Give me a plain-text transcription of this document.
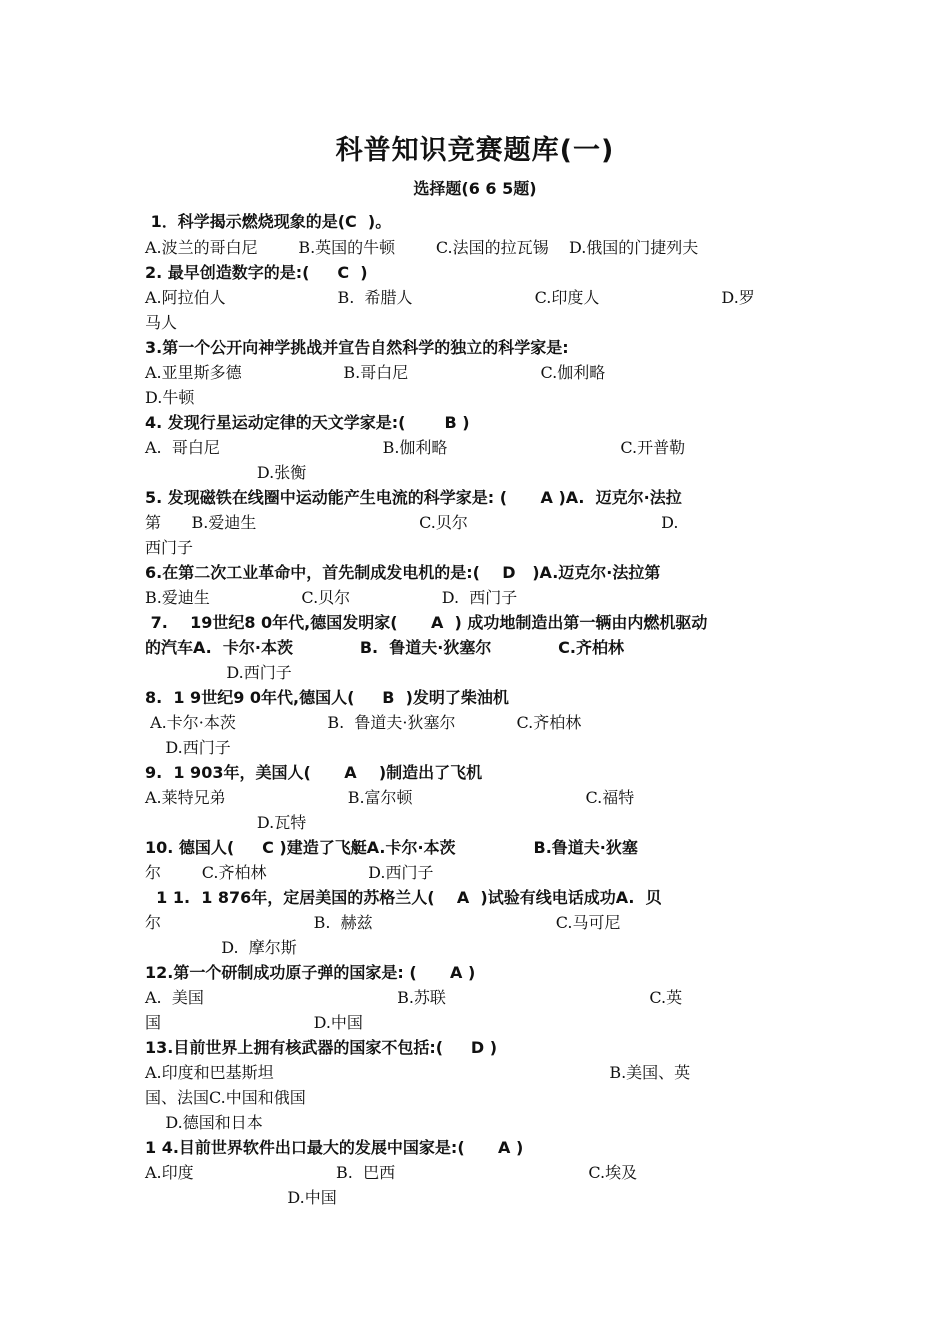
科普知识竞赛题库(一)
选择题(6 6 5题)
1．科学揭示燃烧现象的是(C  )。
A.波兰的哥白尼        B.英国的牛顿        C.法国的拉瓦锡    D.俄国的门捷列夫
2. 最早创造数字的是:(     C  )
A.阿拉伯人                      B.  希腊人                        C.印度人                        D.罗
马人
3.第一个公开向神学挑战并宣告自然科学的独立的科学家是:
A.亚里斯多德                    B.哥白尼                          C.伽利略
D.牛顿
4. 发现行星运动定律的天文学家是:(       B )
A.  哥白尼                                B.伽利略                                  C.开普勒
D.张衡
5. 发现磁铁在线圈中运动能产生电流的科学家是: (      A )A.  迈克尔·法拉
第      B.爱迪生                                C.贝尔                                      D.
西门子
6.在第二次工业革命中，首先制成发电机的是:(    D   )A.迈克尔·法拉第
B.爱迪生                  C.贝尔                  D.  西门子
7.    19世纪8 0年代,德国发明家(      A  ) 成功地制造出第一辆由内燃机驱动
的汽车A.  卡尔·本茨            B.  鲁道夫·狄塞尔            C.齐柏林
D.西门子
8.  1 9世纪9 0年代,德国人(     B  )发明了柴油机
A.卡尔·本茨                  B.  鲁道夫·狄塞尔            C.齐柏林
D.西门子
9.  1 903年，美国人(      A    )制造出了飞机
A.莱特兄弟                        B.富尔顿                                  C.福特
D.瓦特
10. 德国人(     C )建造了飞艇A.卡尔·本茨              B.鲁道夫·狄塞
尔        C.齐柏林                    D.西门子
1 1.  1 876年，定居美国的苏格兰人(    A  )试验有线电话成功A.  贝
尔                              B.  赫兹                                    C.马可尼
D.  摩尔斯
12.第一个研制成功原子弹的国家是: (      A )
A.  美国                                      B.苏联                                        C.英
国                              D.中国
13.目前世界上拥有核武器的国家不包括:(     D )
A.印度和巴基斯坦                                                                  B.美国、英
国、法国C.中国和俄国
D.德国和日本
1 4.目前世界软件出口最大的发展中国家是:(      A )
A.印度                            B.  巴西                                      C.埃及
D.中国
